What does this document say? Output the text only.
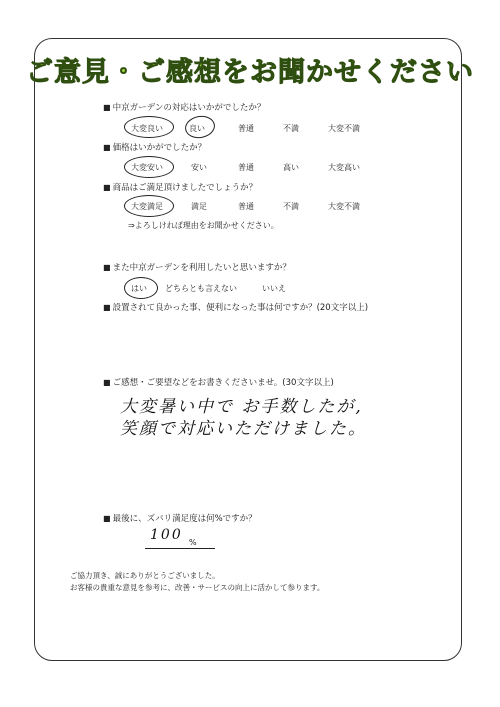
ご意見・ご感想をお聞かせください
■ 中京ガーデンの対応はいかがでしたか？
大変良い	良い	普通	不満	大変不満
■ 価格はいかがでしたか？
大変安い	安い	普通	高い	大変高い
■ 商品はご満足頂けましたでしょうか？
大変満足	満足	普通	不満	大変不満
⇒よろしければ理由をお聞かせください。
■ また中京ガーデンを利用したいと思いますか？
はい どちらとも言えない	いいえ
■ 設置されて良かった事、便利になった事は何ですか？(20文字以上)
■ ご感想・ご要望などをお書きくださいませ。(30文字以上)
大変暑い中で お手数したが,
笑顔で対応いただけました。
■ 最後に、ズバリ満足度は何%ですか？
100 %
ご協力頂き、誠にありがとうございました。
お客様の貴重な意見を参考に、改善・サービスの向上に活かして参ります。
